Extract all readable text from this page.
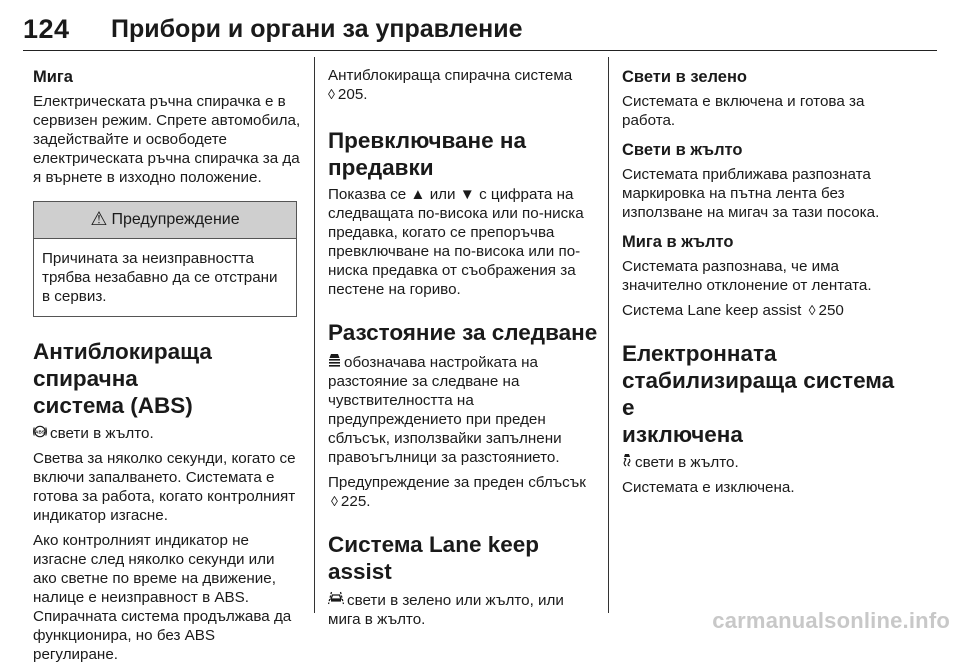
124 Прибори и органи за управление

Мига

Електрическата ръчна спирачка е в сервизен режим. Спрете автомобила, задействайте и освободете електрическата ръчна спирачка за да я върнете в изходно положение.

⚠ Предупреждение
Причината за неизправността трябва незабавно да се отстрани в сервиз.

Антиблокираща спирачна

система (ABS)

ABS свети в жълто.

Светва за няколко секунди, когато се включи запалването. Системата е готова за работа, когато контролният индикатор изгасне.

Ако контролният индикатор не изгасне след няколко секунди или ако светне по време на движение, налице е неизправност в ABS. Спирачната система продължава да функционира, но без ABS регулиране.

Антиблокираща спирачна система
◊ 205.

Превключване на

предавки

Показва се ▲ или ▼ с цифрата на следващата по-висока или по-ниска предавка, когато се препоръчва превключване на по-висока или по-ниска предавка от съображения за пестене на гориво.

Разстояние за следване

обозначава настройката на разстояние за следване на чувствителността на предупреждението при преден сблъсък, използвайки запълнени правоъгълници за разстоянието.

Предупреждение за преден сблъсък ◊ 225.

Система Lane keep assist

свети в зелено или жълто, или мига в жълто.

Свети в зелено

Системата е включена и готова за работа.

Свети в жълто

Системата приближава разпозната маркировка на пътна лента без използване на мигач за тази посока.

Мига в жълто

Системата разпознава, че има значително отклонение от лентата.

Система Lane keep assist ◊ 250

Електронната

стабилизираща система е

изключена

свети в жълто.

Системата е изключена.

carmanualsonline.info
